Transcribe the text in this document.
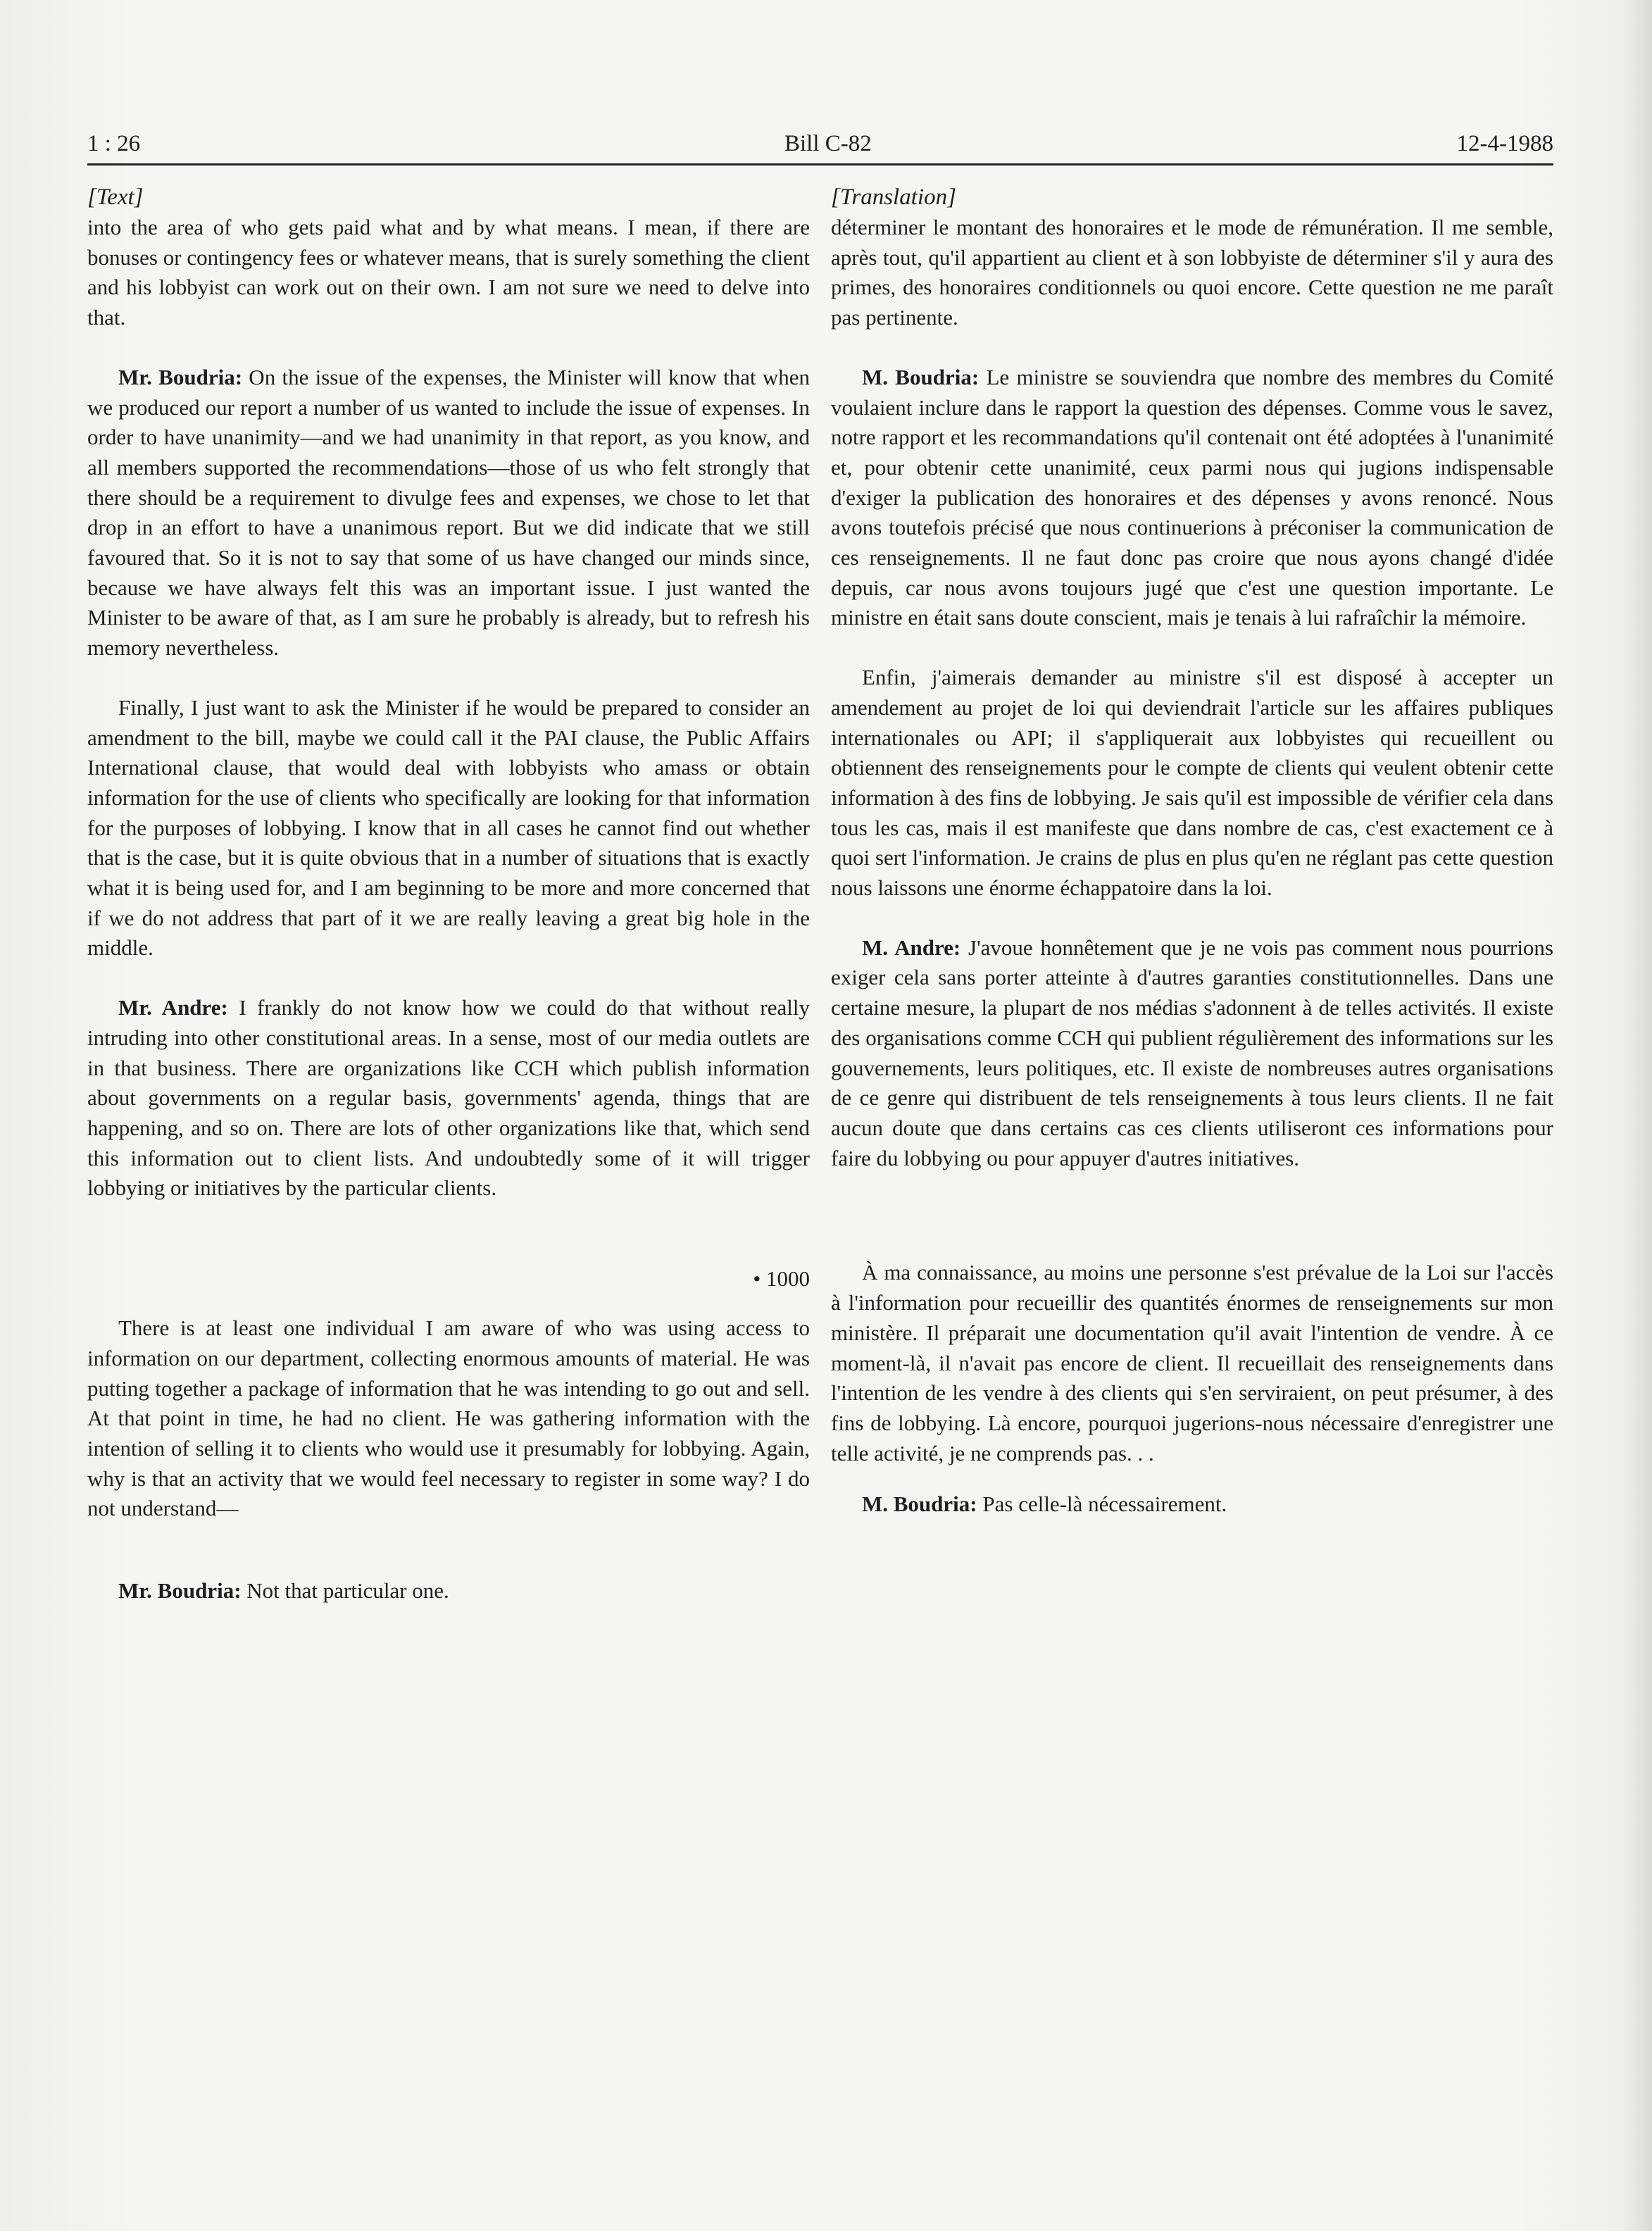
1 : 26	Bill C-82	12-4-1988
[Text]

into the area of who gets paid what and by what means. I mean, if there are bonuses or contingency fees or whatever means, that is surely something the client and his lobbyist can work out on their own. I am not sure we need to delve into that.

Mr. Boudria: On the issue of the expenses, the Minister will know that when we produced our report a number of us wanted to include the issue of expenses. In order to have unanimity—and we had unanimity in that report, as you know, and all members supported the recommendations—those of us who felt strongly that there should be a requirement to divulge fees and expenses, we chose to let that drop in an effort to have a unanimous report. But we did indicate that we still favoured that. So it is not to say that some of us have changed our minds since, because we have always felt this was an important issue. I just wanted the Minister to be aware of that, as I am sure he probably is already, but to refresh his memory nevertheless.

Finally, I just want to ask the Minister if he would be prepared to consider an amendment to the bill, maybe we could call it the PAI clause, the Public Affairs International clause, that would deal with lobbyists who amass or obtain information for the use of clients who specifically are looking for that information for the purposes of lobbying. I know that in all cases he cannot find out whether that is the case, but it is quite obvious that in a number of situations that is exactly what it is being used for, and I am beginning to be more and more concerned that if we do not address that part of it we are really leaving a great big hole in the middle.

Mr. Andre: I frankly do not know how we could do that without really intruding into other constitutional areas. In a sense, most of our media outlets are in that business. There are organizations like CCH which publish information about governments on a regular basis, governments' agenda, things that are happening, and so on. There are lots of other organizations like that, which send this information out to client lists. And undoubtedly some of it will trigger lobbying or initiatives by the particular clients.

• 1000

There is at least one individual I am aware of who was using access to information on our department, collecting enormous amounts of material. He was putting together a package of information that he was intending to go out and sell. At that point in time, he had no client. He was gathering information with the intention of selling it to clients who would use it presumably for lobbying. Again, why is that an activity that we would feel necessary to register in some way? I do not understand—

Mr. Boudria: Not that particular one.

[Translation]

déterminer le montant des honoraires et le mode de rémunération. Il me semble, après tout, qu'il appartient au client et à son lobbyiste de déterminer s'il y aura des primes, des honoraires conditionnels ou quoi encore. Cette question ne me paraît pas pertinente.

M. Boudria: Le ministre se souviendra que nombre des membres du Comité voulaient inclure dans le rapport la question des dépenses. Comme vous le savez, notre rapport et les recommandations qu'il contenait ont été adoptées à l'unanimité et, pour obtenir cette unanimité, ceux parmi nous qui jugions indispensable d'exiger la publication des honoraires et des dépenses y avons renoncé. Nous avons toutefois précisé que nous continuerions à préconiser la communication de ces renseignements. Il ne faut donc pas croire que nous ayons changé d'idée depuis, car nous avons toujours jugé que c'est une question importante. Le ministre en était sans doute conscient, mais je tenais à lui rafraîchir la mémoire.

Enfin, j'aimerais demander au ministre s'il est disposé à accepter un amendement au projet de loi qui deviendrait l'article sur les affaires publiques internationales ou API; il s'appliquerait aux lobbyistes qui recueillent ou obtiennent des renseignements pour le compte de clients qui veulent obtenir cette information à des fins de lobbying. Je sais qu'il est impossible de vérifier cela dans tous les cas, mais il est manifeste que dans nombre de cas, c'est exactement ce à quoi sert l'information. Je crains de plus en plus qu'en ne réglant pas cette question nous laissons une énorme échappatoire dans la loi.

M. Andre: J'avoue honnêtement que je ne vois pas comment nous pourrions exiger cela sans porter atteinte à d'autres garanties constitutionnelles. Dans une certaine mesure, la plupart de nos médias s'adonnent à de telles activités. Il existe des organisations comme CCH qui publient régulièrement des informations sur les gouvernements, leurs politiques, etc. Il existe de nombreuses autres organisations de ce genre qui distribuent de tels renseignements à tous leurs clients. Il ne fait aucun doute que dans certains cas ces clients utiliseront ces informations pour faire du lobbying ou pour appuyer d'autres initiatives.

À ma connaissance, au moins une personne s'est prévalue de la Loi sur l'accès à l'information pour recueillir des quantités énormes de renseignements sur mon ministère. Il préparait une documentation qu'il avait l'intention de vendre. À ce moment-là, il n'avait pas encore de client. Il recueillait des renseignements dans l'intention de les vendre à des clients qui s'en serviraient, on peut présumer, à des fins de lobbying. Là encore, pourquoi jugerions-nous nécessaire d'enregistrer une telle activité, je ne comprends pas. . .

M. Boudria: Pas celle-là nécessairement.
